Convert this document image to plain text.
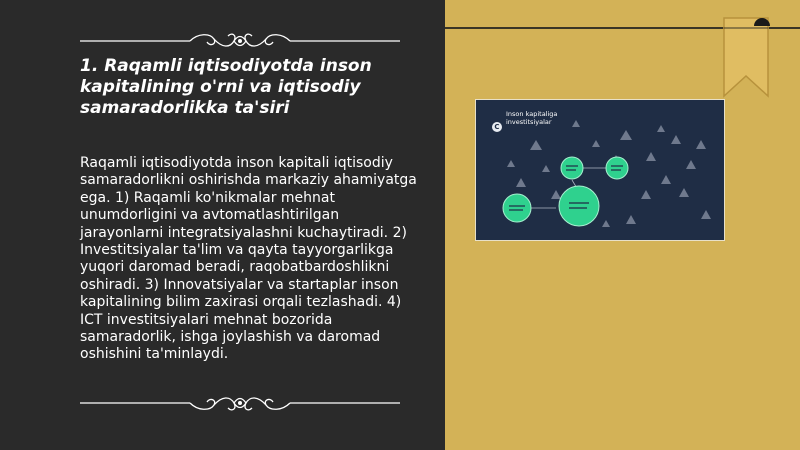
1. Raqamli iqtisodiyotda inson kapitalining o'rni va iqtisodiy samaradorlikka ta'siri

Raqamli iqtisodiyotda inson kapitali iqtisodiy samaradorlikni oshirishda markaziy ahamiyatga ega. 1) Raqamli ko'nikmalar mehnat unumdorligini va avtomatlashtirilgan jarayonlarni integratsiyalashni kuchaytiradi. 2) Investitsiyalar ta'lim va qayta tayyorgarlikga yuqori daromad beradi, raqobatbardoshlikni oshiradi. 3) Innovatsiyalar va startaplar inson kapitalining bilim zaxirasi orqali tezlashadi. 4) ICT investitsiyalari mehnat bozorida samaradorlik, ishga joylashish va daromad oshishini ta'minlaydi.

C
Inson kapitaliga investitsiyalar
